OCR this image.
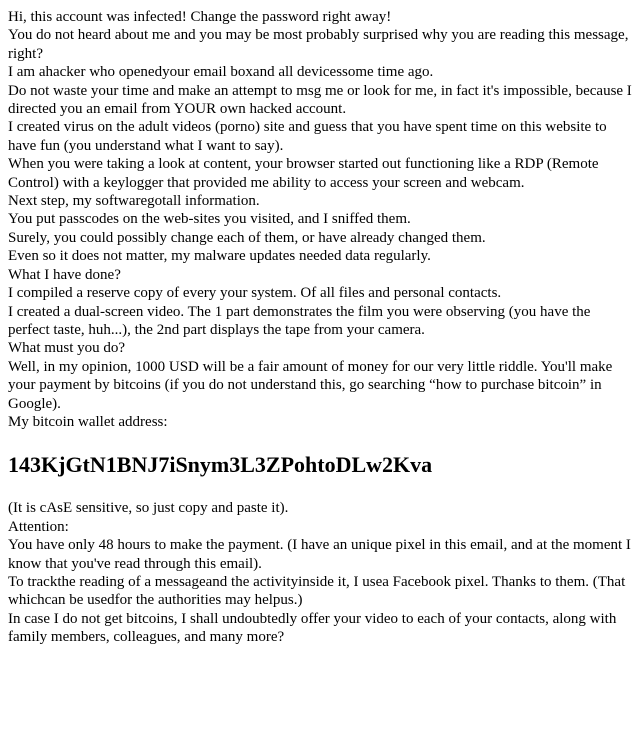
Hi, this account was infected! Change the password right away!

You do not heard about me and you may be most probably surprised why you are reading this message, right?

I am ahacker who openedyour email boxand all devicessome time ago.

Do not waste your time and make an attempt to msg me or look for me, in fact it's impossible, because I directed you an email from YOUR own hacked account.

I created virus on the adult videos (porno) site and guess that you have spent time on this website to have fun (you understand what I want to say).

When you were taking a look at content, your browser started out functioning like a RDP (Remote Control) with a keylogger that provided me ability to access your screen and webcam.

Next step, my softwaregotall information.

You put passcodes on the web-sites you visited, and I sniffed them.

Surely, you could possibly change each of them, or have already changed them.

Even so it does not matter, my malware updates needed data regularly.

What I have done?

I compiled a reserve copy of every your system. Of all files and personal contacts.

I created a dual-screen video. The 1 part demonstrates the film you were observing (you have the perfect taste, huh...), the 2nd part displays the tape from your camera.

What must you do?

Well, in my opinion, 1000 USD will be a fair amount of money for our very little riddle. You'll make your payment by bitcoins (if you do not understand this, go searching “how to purchase bitcoin” in Google).

My bitcoin wallet address:

143KjGtN1BNJ7iSnym3L3ZPohtoDLw2Kva

(It is cAsE sensitive, so just copy and paste it).

Attention:

You have only 48 hours to make the payment. (I have an unique pixel in this email, and at the moment I know that you've read through this email).

To trackthe reading of a messageand the activityinside it, I usea Facebook pixel. Thanks to them. (That whichcan be usedfor the authorities may helpus.)

In case I do not get bitcoins, I shall undoubtedly offer your video to each of your contacts, along with family members, colleagues, and many more?
